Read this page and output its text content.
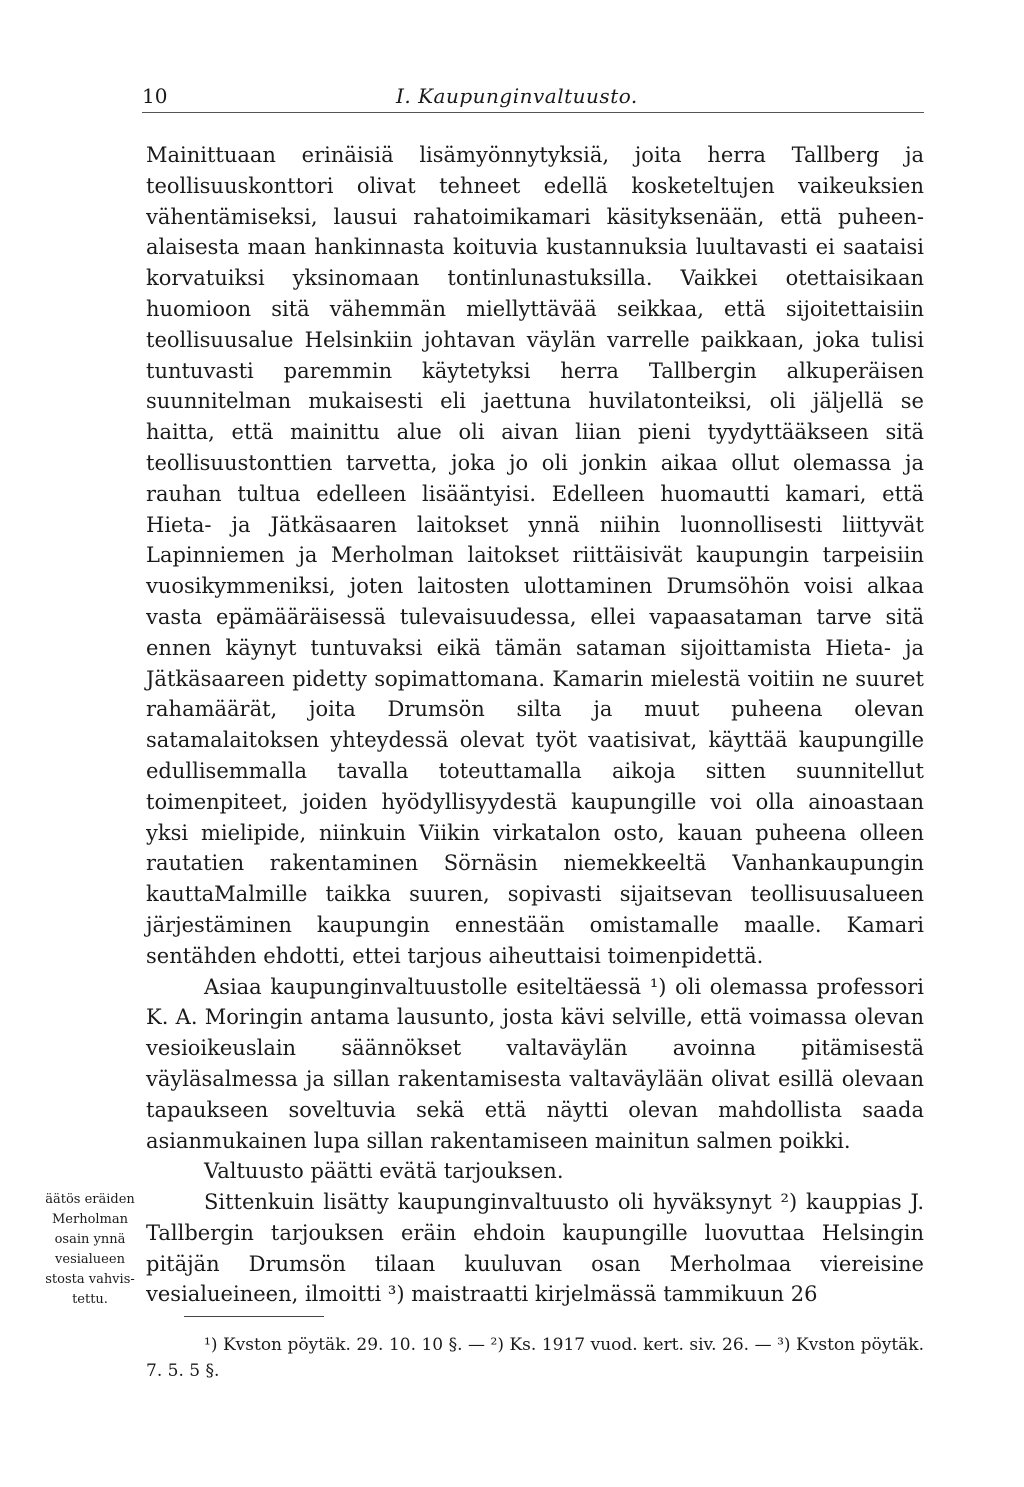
10	I. Kaupunginvaltuusto.

Mainittuaan erinäisiä lisämyönnytyksiä, joita herra Tallberg ja teollisuuskonttori olivat tehneet edellä kosketeltujen vaikeuksien vähentämiseksi, lausui rahatoimikamari käsityksenään, että puheenalaisesta maan hankinnasta koituvia kustannuksia luultavasti ei saataisi korvatuiksi yksinomaan tontinlunastuksilla. Vaikkei otettaisikaan huomioon sitä vähemmän miellyttävää seikkaa, että sijoitettaisiin teollisuusalue Helsinkiin johtavan väylän varrelle paikkaan, joka tulisi tuntuvasti paremmin käytetyksi herra Tallbergin alkuperäisen suunnitelman mukaisesti eli jaettuna huvilatonteiksi, oli jäljellä se haitta, että mainittu alue oli aivan liian pieni tyydyttääkseen sitä teollisuustonttien tarvetta, joka jo oli jonkin aikaa ollut olemassa ja rauhan tultua edelleen lisääntyisi. Edelleen huomautti kamari, että Hieta- ja Jätkäsaaren laitokset ynnä niihin luonnollisesti liittyvät Lapinniemen ja Merholman laitokset riittäisivät kaupungin tarpeisiin vuosikymmeniksi, joten laitosten ulottaminen Drumsöhön voisi alkaa vasta epämääräisessä tulevaisuudessa, ellei vapaasataman tarve sitä ennen käynyt tuntuvaksi eikä tämän sataman sijoittamista Hieta- ja Jätkäsaareen pidetty sopimattomana. Kamarin mielestä voitiin ne suuret rahamäärät, joita Drumsön silta ja muut puheena olevan satamalaitoksen yhteydessä olevat työt vaatisivat, käyttää kaupungille edullisemmalla tavalla toteuttamalla aikoja sitten suunnitellut toimenpiteet, joiden hyödyllisyydestä kaupungille voi olla ainoastaan yksi mielipide, niinkuin Viikin virkatalon osto, kauan puheena olleen rautatien rakentaminen Sörnäsin niemekkeeltä Vanhankaupungin kauttaMalmille taikka suuren, sopivasti sijaitsevan teollisuusalueen järjestäminen kaupungin ennestään omistamalle maalle. Kamari sentähden ehdotti, ettei tarjous aiheuttaisi toimenpidettä.

Asiaa kaupunginvaltuustolle esiteltäessä ¹) oli olemassa professori K. A. Moringin antama lausunto, josta kävi selville, että voimassa olevan vesioikeuslain säännökset valtaväylän avoinna pitämisestä väyläsalmessa ja sillan rakentamisesta valtaväylään olivat esillä olevaan tapaukseen soveltuvia sekä että näytti olevan mahdollista saada asianmukainen lupa sillan rakentamiseen mainitun salmen poikki.

Valtuusto päätti evätä tarjouksen.

Sittenkuin lisätty kaupunginvaltuusto oli hyväksynyt ²) kauppias J. Tallbergin tarjouksen eräin ehdoin kaupungille luovuttaa Helsingin pitäjän Drumsön tilaan kuuluvan osan Merholmaa viereisine vesialueineen, ilmoitti ³) maistraatti kirjelmässä tammikuun 26

äätös eräiden Merholman osain ynnä vesialueen stosta vahvistettu.

¹) Kvston pöytäk. 29. 10. 10 §. — ²) Ks. 1917 vuod. kert. siv. 26. — ³) Kvston pöytäk. 7. 5. 5 §.
